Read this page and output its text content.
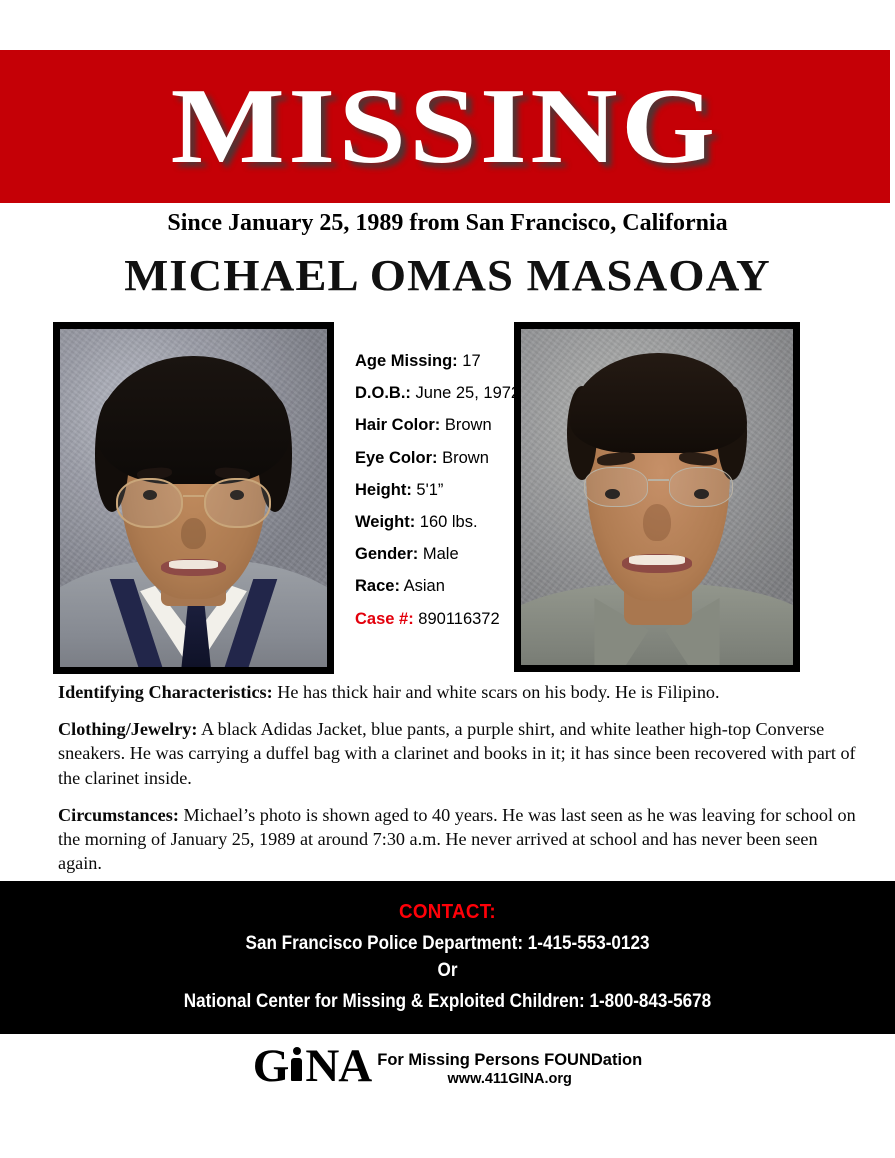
MISSING
Since January 25, 1989 from San Francisco, California
MICHAEL OMAS MASAOAY
Age Missing: 17
D.O.B.: June 25, 1972
Hair Color: Brown
Eye Color: Brown
Height: 5'1”
Weight: 160 lbs.
Gender: Male
Race: Asian
Case #: 890116372
Identifying Characteristics: He has thick hair and white scars on his body. He is Filipino.
Clothing/Jewelry: A black Adidas Jacket, blue pants, a purple shirt, and white leather high-top Converse sneakers. He was carrying a duffel bag with a clarinet and books in it; it has since been recovered with part of the clarinet inside.
Circumstances: Michael’s photo is shown aged to 40 years. He was last seen as he was leaving for school on the morning of January 25, 1989 at around 7:30 a.m. He never arrived at school and has never been seen again.
CONTACT:
San Francisco Police Department: 1-415-553-0123
Or
National Center for Missing & Exploited Children: 1-800-843-5678
G NA For Missing Persons FOUNDation
www.411GINA.org
